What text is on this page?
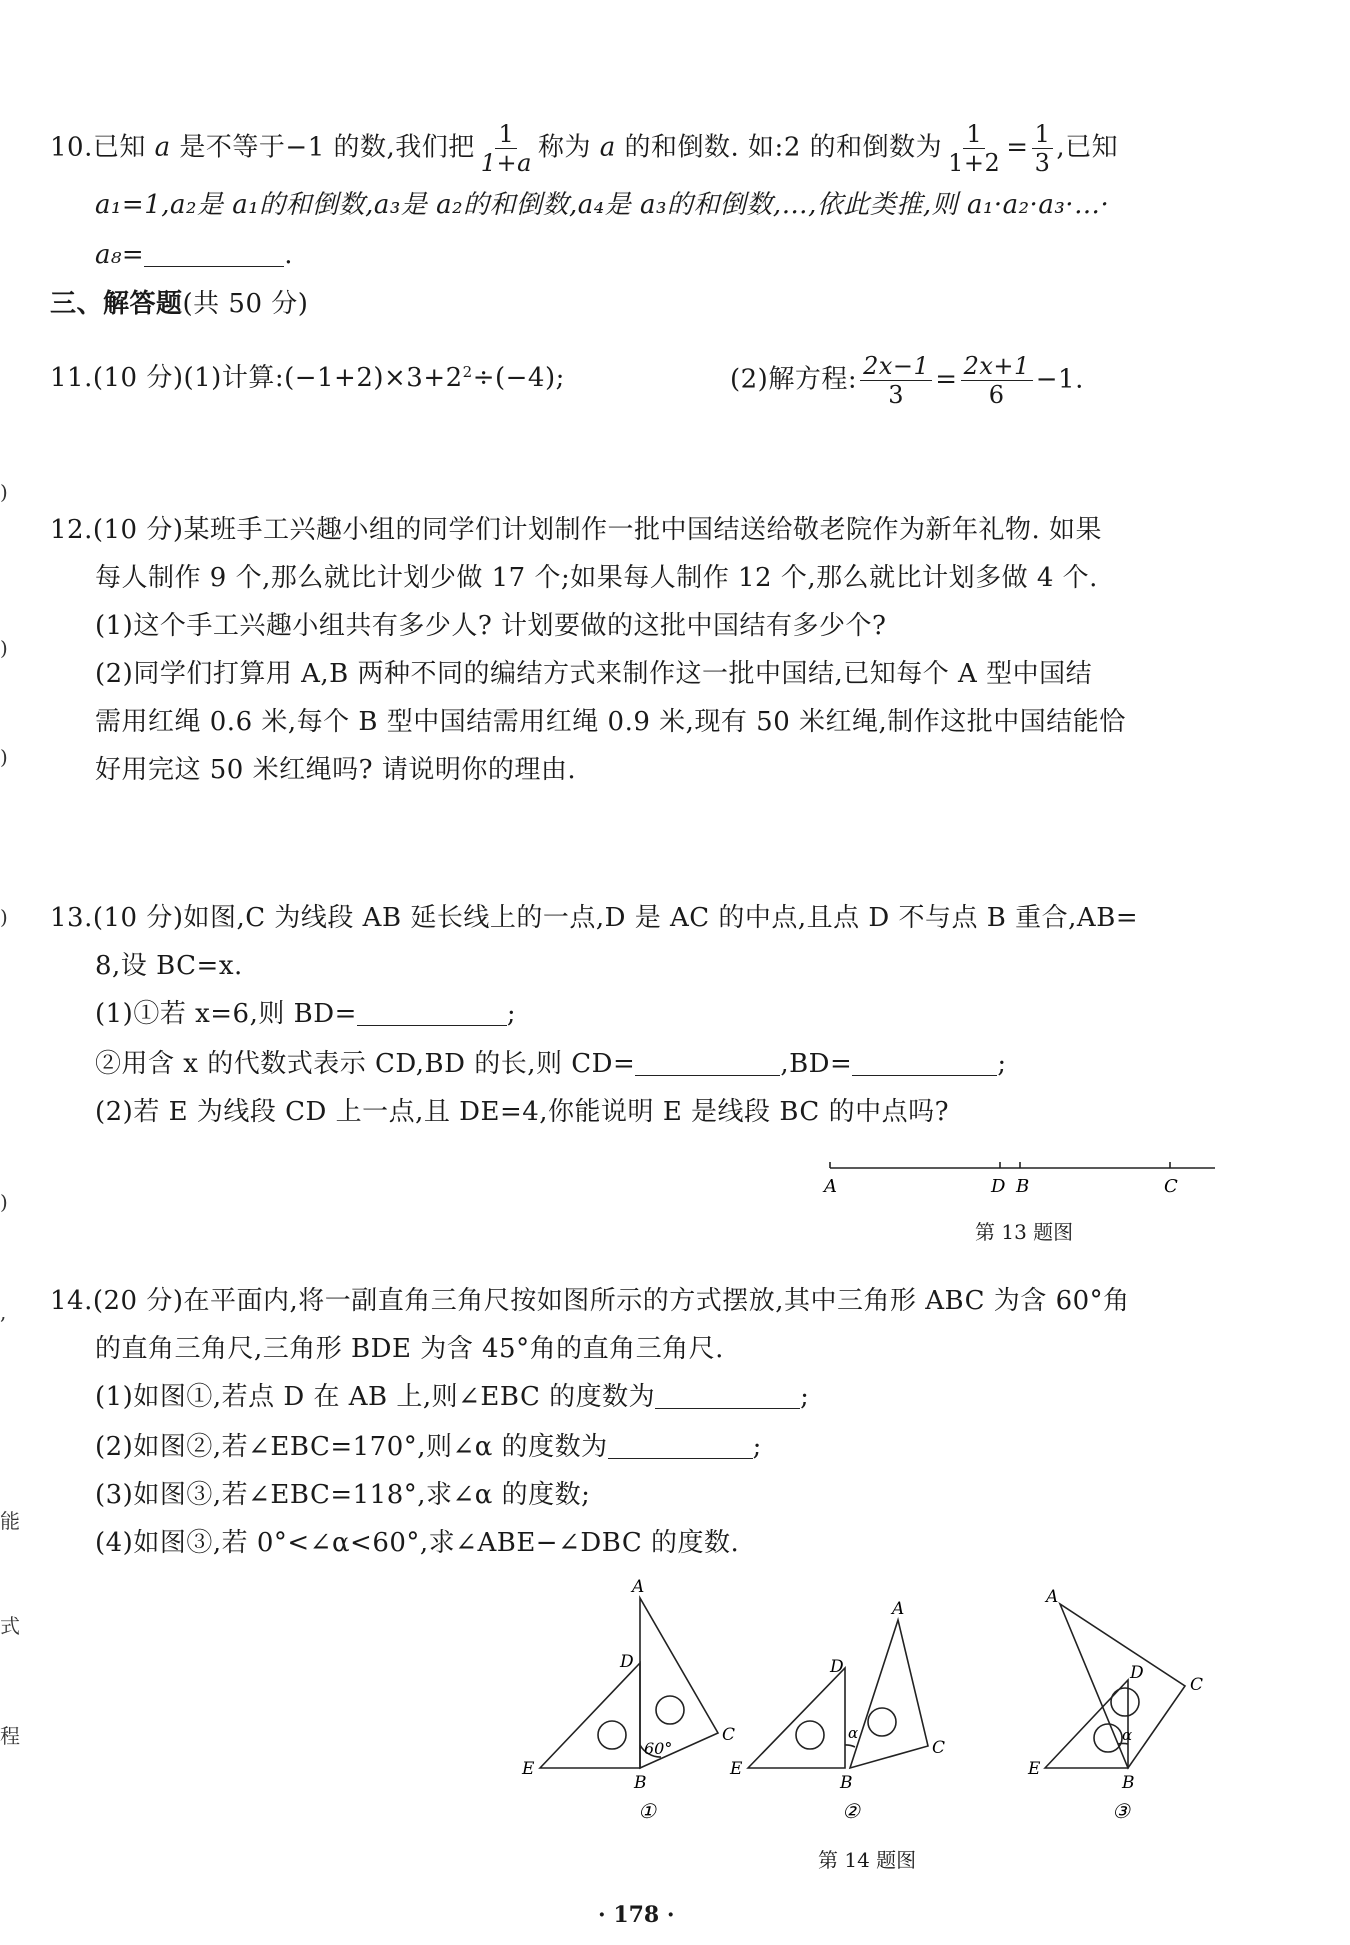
)
)
)
)
)
,
能
式
程
10.已知 a 是不等于−1 的数,我们把 $\frac{1}{1+a}$ 称为 a 的和倒数. 如:2 的和倒数为 $\frac{1}{1+2} = \frac{1}{3}$ ,已知
a₁=1,a₂是 a₁的和倒数,a₃是 a₂的和倒数,a₄是 a₃的和倒数,…,依此类推,则 a₁·a₂·a₃·…·
a₈=	.
三、解答题(共 50 分)
11.(10 分)(1)计算$:(-1+2)\times 3+2^2\div(-4)$;	(2)解方程: $\frac{2x-1}{3} = \frac{2x+1}{6} -1$.
12.(10 分)某班手工兴趣小组的同学们计划制作一批中国结送给敬老院作为新年礼物. 如果
每人制作 9 个,那么就比计划少做 17 个;如果每人制作 12 个,那么就比计划多做 4 个.
(1)这个手工兴趣小组共有多少人? 计划要做的这批中国结有多少个?
(2)同学们打算用 A,B 两种不同的编结方式来制作这一批中国结,已知每个 A 型中国结
需用红绳 0.6 米,每个 B 型中国结需用红绳 0.9 米,现有 50 米红绳,制作这批中国结能恰
好用完这 50 米红绳吗? 请说明你的理由.
13.(10 分)如图,C 为线段 AB 延长线上的一点,D 是 AC 的中点,且点 D 不与点 B 重合,AB=
8,设 BC=x.
(1)①若 x=6,则 BD=	;
②用含 x 的代数式表示 CD,BD 的长,则 CD=	,BD=	;
(2)若 E 为线段 CD 上一点,且 DE=4,你能说明 E 是线段 BC 的中点吗?
A	D B	C
第 13 题图
14.(20 分)在平面内,将一副直角三角尺按如图所示的方式摆放,其中三角形 ABC 为含 60°角
的直角三角尺,三角形 BDE 为含 45°角的直角三角尺.
(1)如图①,若点 D 在 AB 上,则∠EBC 的度数为	;
(2)如图②,若∠EBC=170°,则∠α 的度数为	;
(3)如图③,若∠EBC=118°,求∠α 的度数;
(4)如图③,若 0°<∠α<60°,求∠ABE−∠DBC 的度数.
A
D
C
E
B
60°
①
A
D
C
E
B
α
②
A
D
C
E
B
α
③
第 14 题图
· 178 ·
